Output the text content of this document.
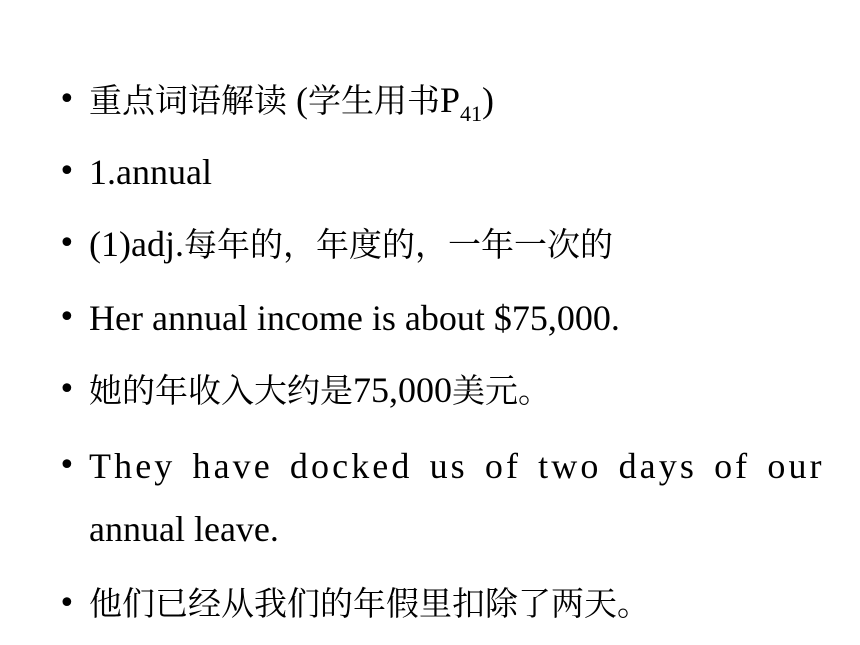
• 重点词语解读 (学生用书$P_{41}$)
• 1.annual
• (1)adj.每年的，年度的，一年一次的
• Her annual income is about $75,000.
• 她的年收入大约是75,000美元。
• They have docked us of two days of our
annual leave.
• 他们已经从我们的年假里扣除了两天。
